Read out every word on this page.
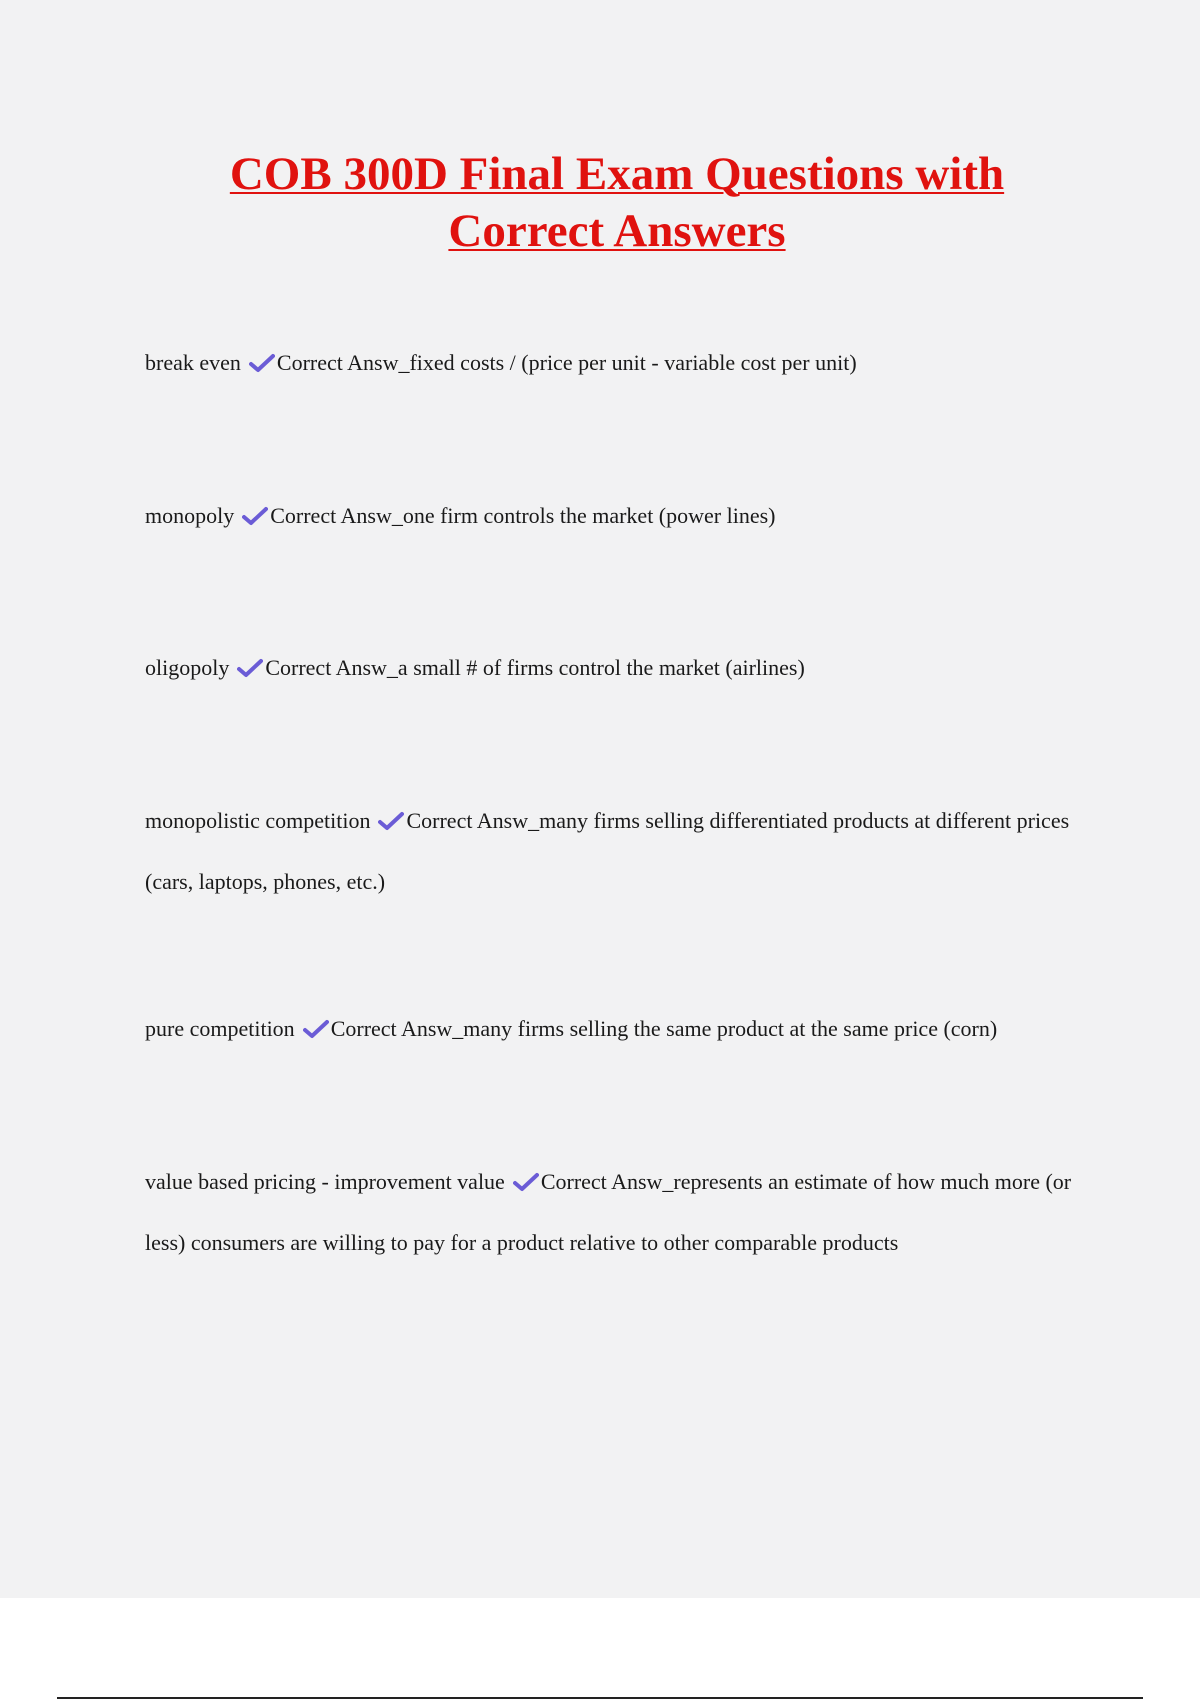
COB 300D Final Exam Questions with
Correct Answers
break even Correct Answ_fixed costs / (price per unit - variable cost per unit)
monopoly Correct Answ_one firm controls the market (power lines)
oligopoly Correct Answ_a small # of firms control the market (airlines)
monopolistic competition Correct Answ_many firms selling differentiated products at different prices (cars, laptops, phones, etc.)
pure competition Correct Answ_many firms selling the same product at the same price (corn)
value based pricing - improvement value Correct Answ_represents an estimate of how much more (or less) consumers are willing to pay for a product relative to other comparable products
